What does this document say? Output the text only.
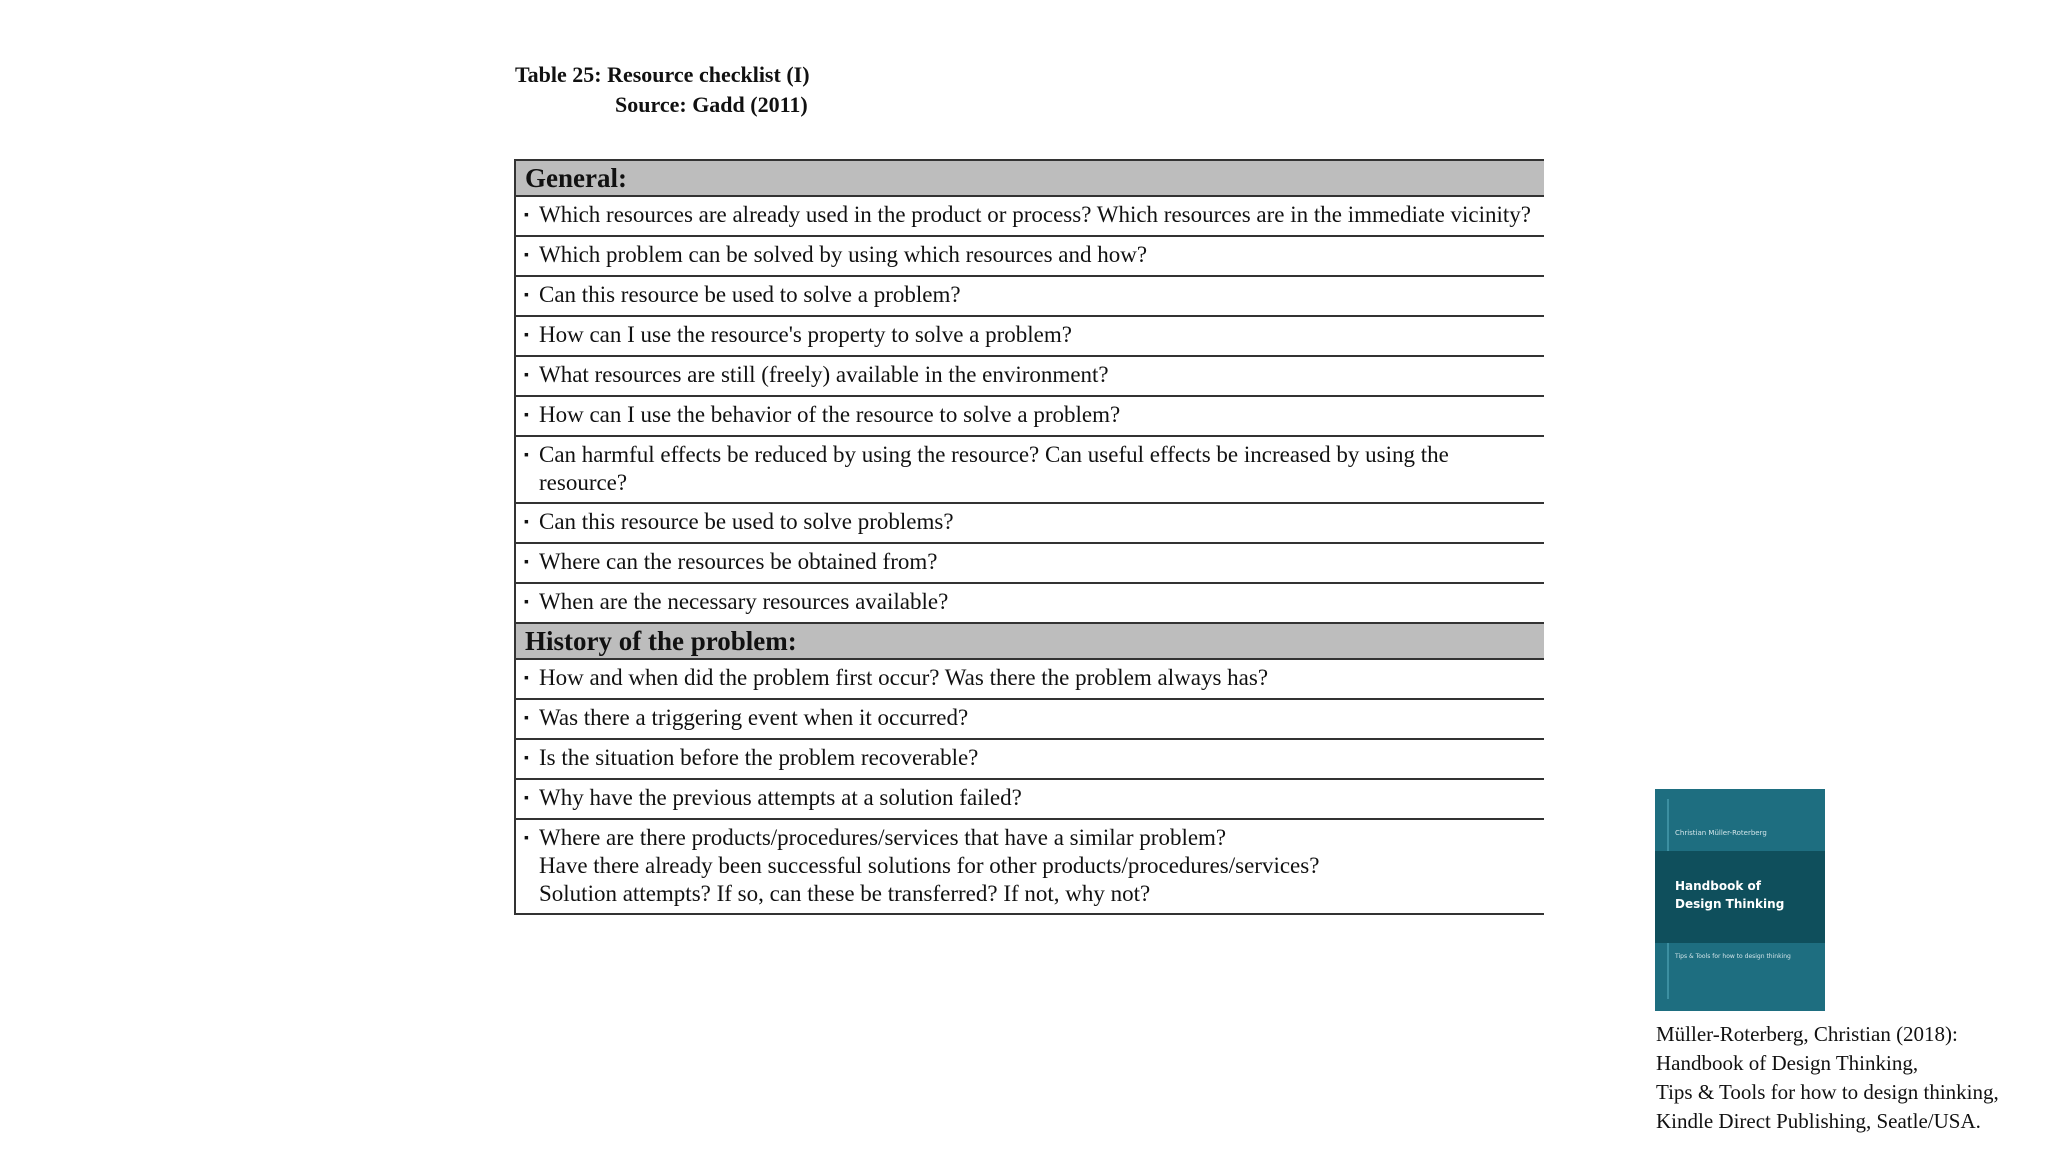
Table 25: Resource checklist (I)
Source: Gadd (2011)
General:

▪ Which resources are already used in the product or process? Which resources are in the immediate vicinity?

▪ Which problem can be solved by using which resources and how?

▪ Can this resource be used to solve a problem?

▪ How can I use the resource's property to solve a problem?

▪ What resources are still (freely) available in the environment?

▪ How can I use the behavior of the resource to solve a problem?

▪ Can harmful effects be reduced by using the resource? Can useful effects be increased by using the resource?

▪ Can this resource be used to solve problems?

▪ Where can the resources be obtained from?

▪ When are the necessary resources available?

History of the problem:

▪ How and when did the problem first occur? Was there the problem always has?

▪ Was there a triggering event when it occurred?

▪ Is the situation before the problem recoverable?

▪ Why have the previous attempts at a solution failed?

▪ Where are there products/procedures/services that have a similar problem?
Have there already been successful solutions for other products/procedures/services?
Solution attempts? If so, can these be transferred? If not, why not?
Christian Müller-Roterberg
Handbook of
Design Thinking
Tips & Tools for how to design thinking
Müller-Roterberg, Christian (2018):
Handbook of Design Thinking,
Tips & Tools for how to design thinking,
Kindle Direct Publishing, Seatle/USA.
